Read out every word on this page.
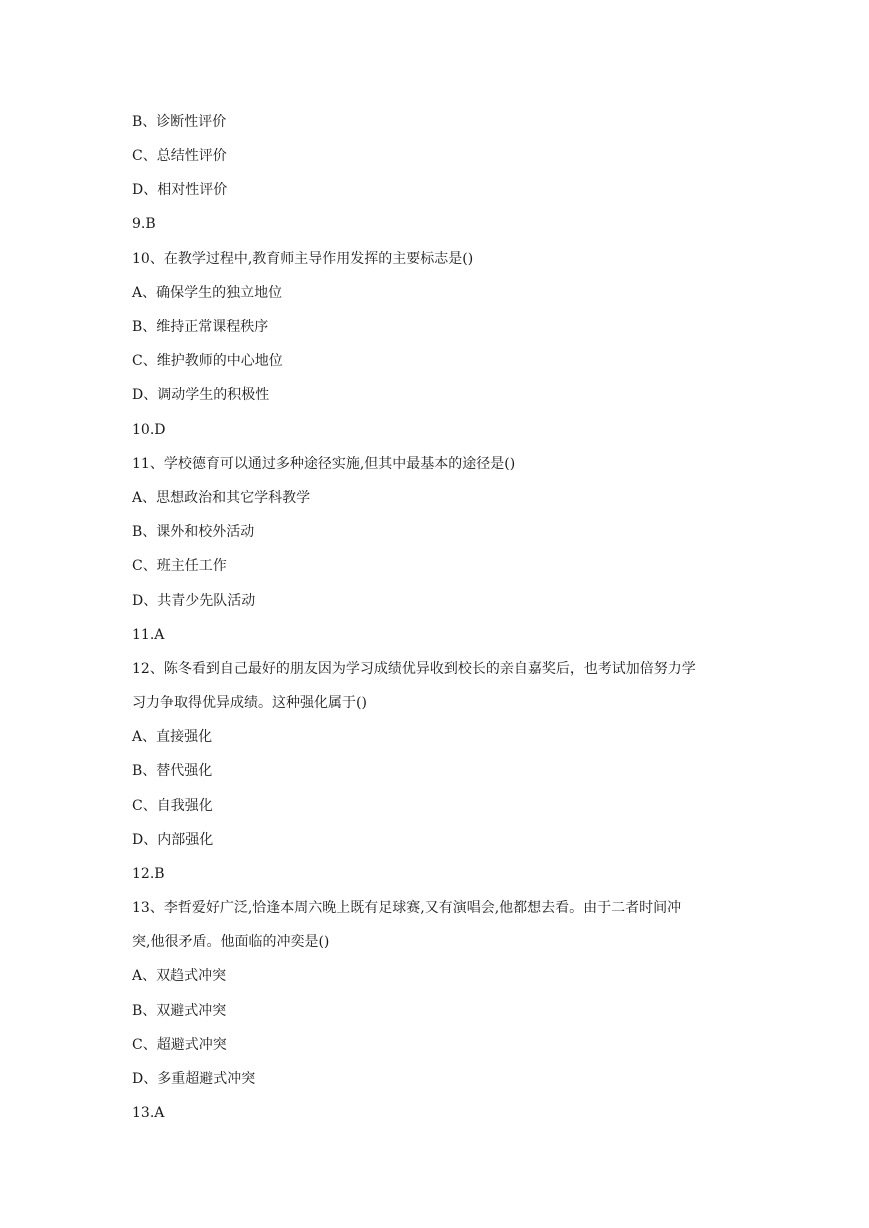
B、诊断性评价
C、总结性评价
D、相对性评价
9.B
10、在教学过程中,教育师主导作用发挥的主要标志是()
A、确保学生的独立地位
B、维持正常课程秩序
C、维护教师的中心地位
D、调动学生的积极性
10.D
11、学校德育可以通过多种途径实施,但其中最基本的途径是()
A、思想政治和其它学科教学
B、课外和校外活动
C、班主任工作
D、共青少先队活动
11.A
12、陈冬看到自己最好的朋友因为学习成绩优异收到校长的亲自嘉奖后，也考试加倍努力学
习力争取得优异成绩。这种强化属于()
A、直接强化
B、替代强化
C、自我强化
D、内部强化
12.B
13、李哲爱好广泛,恰逢本周六晚上既有足球赛,又有演唱会,他都想去看。由于二者时间冲
突,他很矛盾。他面临的冲奕是()
A、双趋式冲突
B、双避式冲突
C、超避式冲突
D、多重超避式冲突
13.A
